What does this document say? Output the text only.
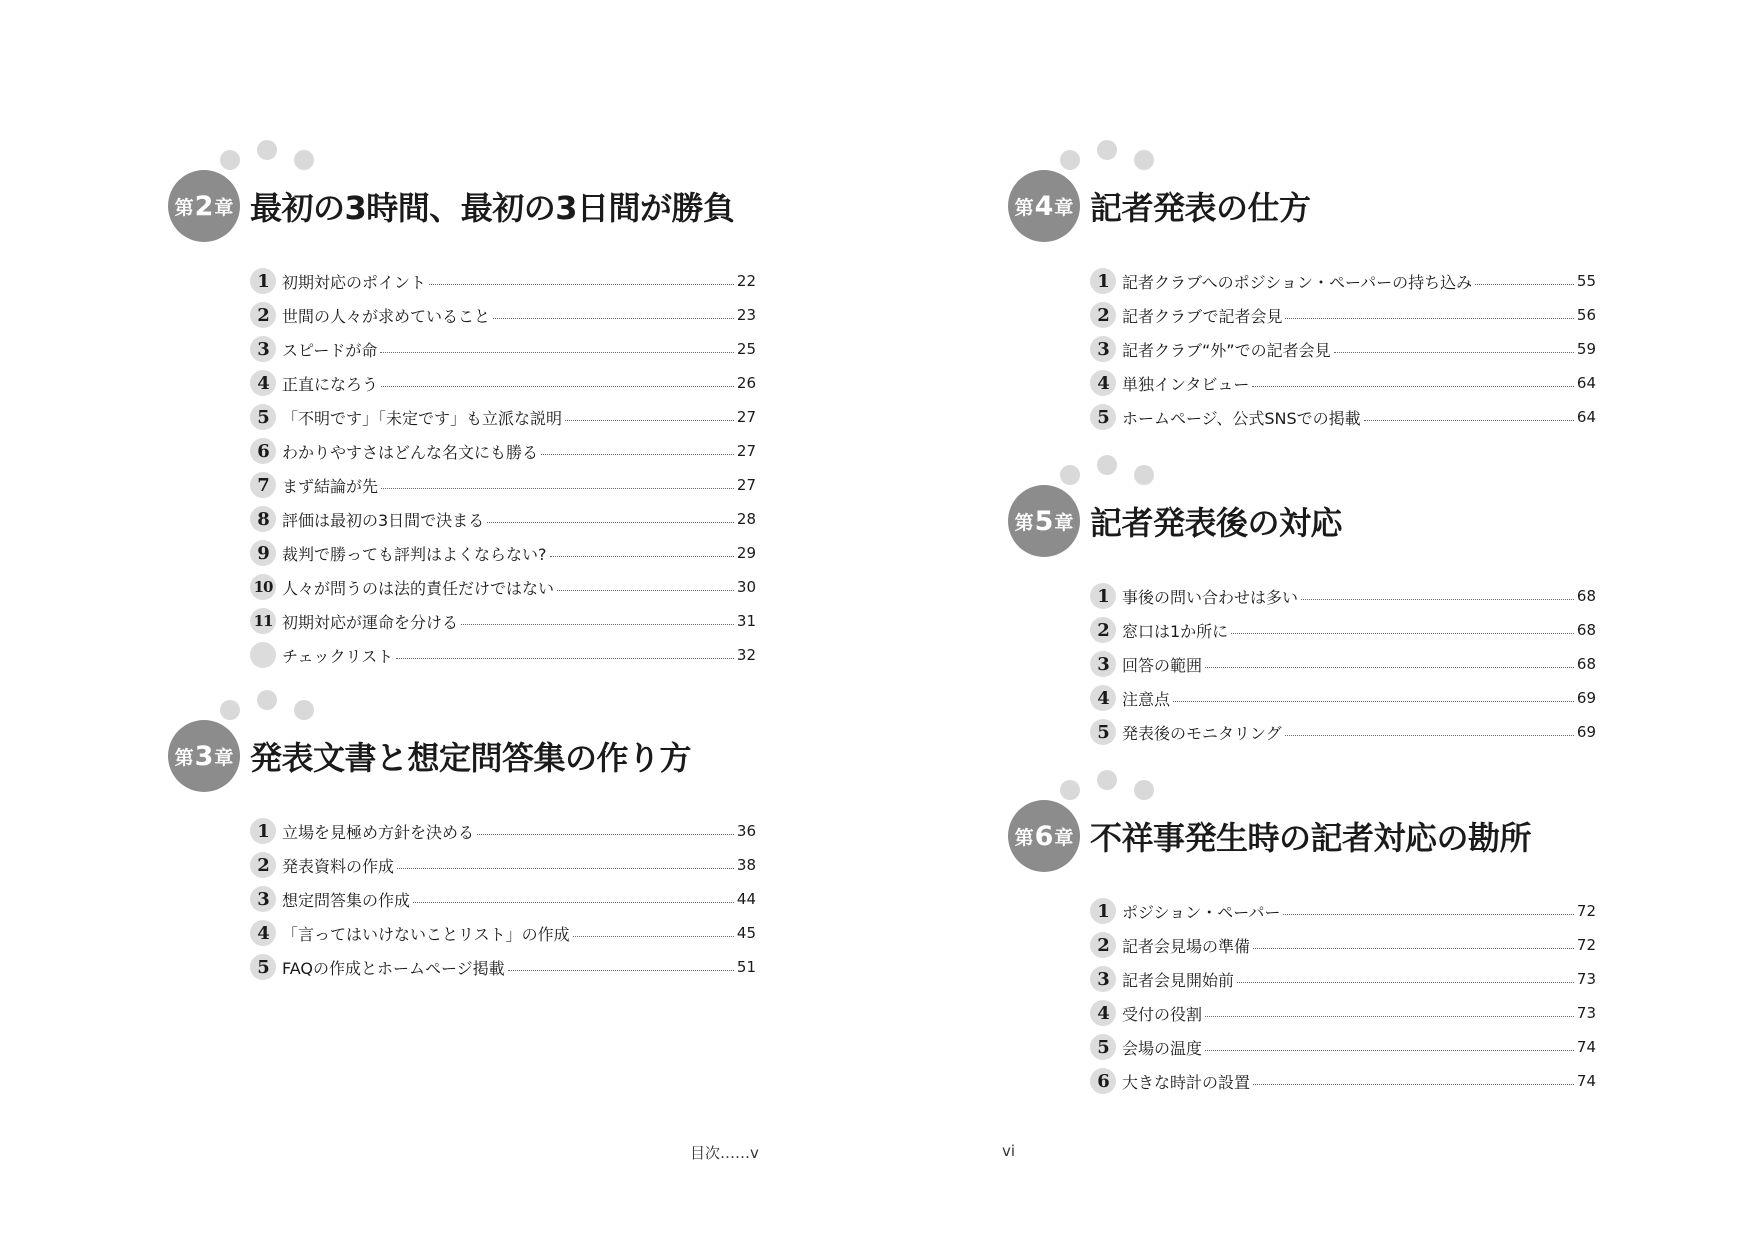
第 2 章 最初の3時間、最初の3日間が勝負
1 初期対応のポイント	22
2 世間の人々が求めていること	23
3 スピードが命	25
4 正直になろう	26
5 「不明です」「未定です」も立派な説明	27
6 わかりやすさはどんな名文にも勝る	27
7 まず結論が先	27
8 評価は最初の3日間で決まる	28
9 裁判で勝っても評判はよくならない?	29
10 人々が問うのは法的責任だけではない	30
11 初期対応が運命を分ける	31
チェックリスト	32
第 3 章 発表文書と想定問答集の作り方
1 立場を見極め方針を決める	36
2 発表資料の作成	38
3 想定問答集の作成	44
4 「言ってはいけないことリスト」の作成	45
5 FAQの作成とホームページ掲載	51
第 4 章 記者発表の仕方
1 記者クラブへのポジション・ペーパーの持ち込み	55
2 記者クラブで記者会見	56
3 記者クラブ“外”での記者会見	59
4 単独インタビュー	64
5 ホームページ、公式SNSでの掲載	64
第 5 章 記者発表後の対応
1 事後の問い合わせは多い	68
2 窓口は1か所に	68
3 回答の範囲	68
4 注意点	69
5 発表後のモニタリング	69
第 6 章 不祥事発生時の記者対応の勘所
1 ポジション・ペーパー	72
2 記者会見場の準備	72
3 記者会見開始前	73
4 受付の役割	73
5 会場の温度	74
6 大きな時計の設置	74
目次……v	vi
